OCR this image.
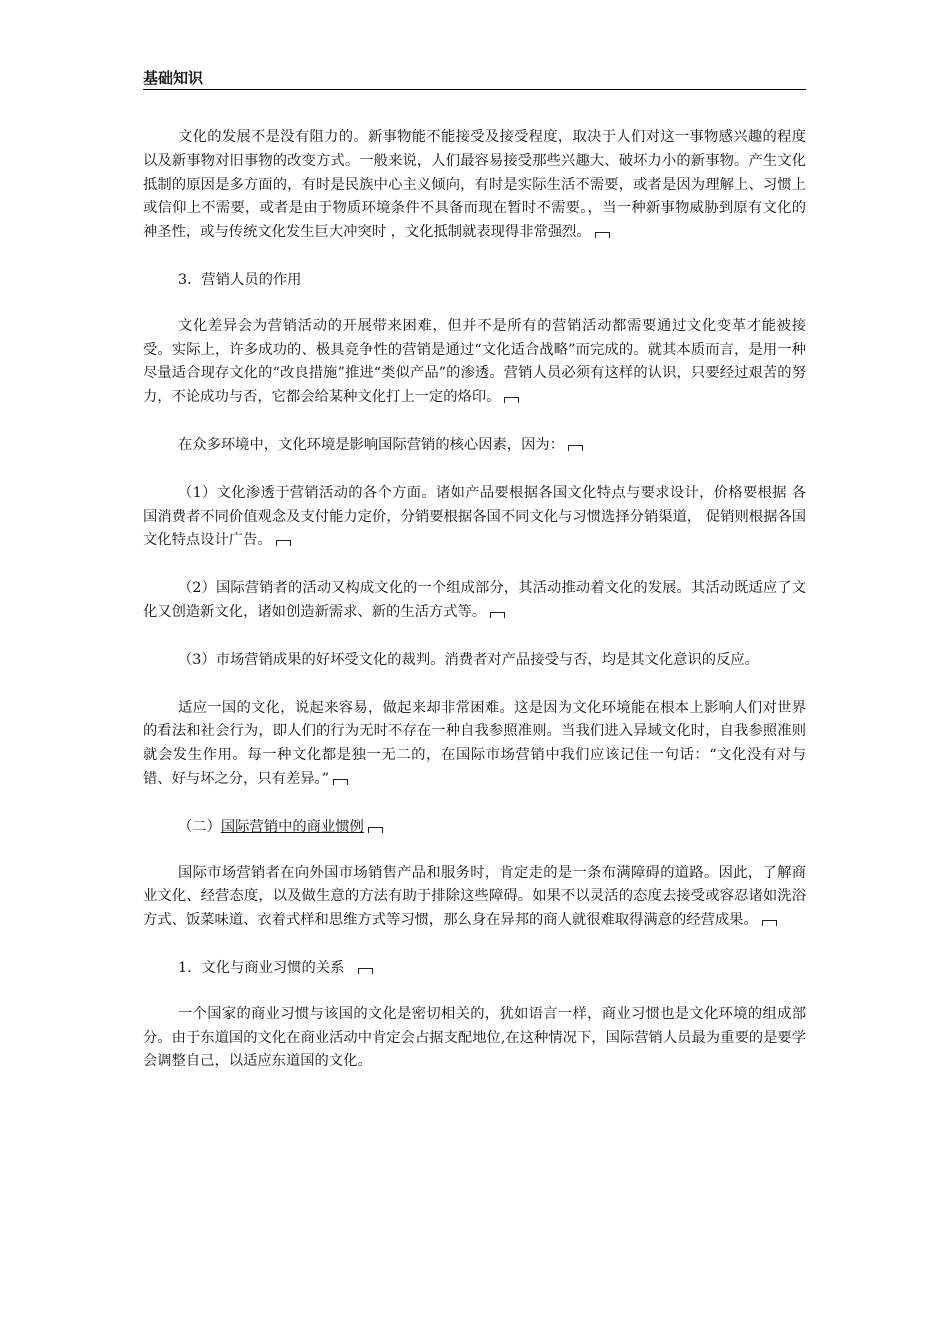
基础知识

文化的发展不是没有阻力的。新事物能不能接受及接受程度，取决于人们对这一事物感兴趣的程度以及新事物对旧事物的改变方式。一般来说，人们最容易接受那些兴趣大、破坏力小的新事物。产生文化抵制的原因是多方面的，有时是民族中心主义倾向，有时是实际生活不需要，或者是因为理解上、习惯上或信仰上不需要，或者是由于物质环境条件不具备而现在暂时不需要。，当一种新事物威胁到原有文化的神圣性，或与传统文化发生巨大冲突时 ，文化抵制就表现得非常强烈。

3．营销人员的作用

文化差异会为营销活动的开展带来困难，但并不是所有的营销活动都需要通过文化变革才能被接受。实际上，许多成功的、极具竞争性的营销是通过“文化适合战略”而完成的。就其本质而言，是用一种尽量适合现存文化的“改良措施”推进“类似产品”的渗透。营销人员必须有这样的认识，只要经过艰苦的努力，不论成功与否，它都会给某种文化打上一定的烙印。

在众多环境中，文化环境是影响国际营销的核心因素，因为：

（1）文化渗透于营销活动的各个方面。诸如产品要根据各国文化特点与要求设计，价格要根据 各国消费者不同价值观念及支付能力定价，分销要根据各国不同文化与习惯选择分销渠道， 促销则根据各国文化特点设计广告。

（2）国际营销者的活动又构成文化的一个组成部分，其活动推动着文化的发展。其活动既适应了文化又创造新文化，诸如创造新需求、新的生活方式等。

（3）市场营销成果的好坏受文化的裁判。消费者对产品接受与否，均是其文化意识的反应。

适应一国的文化，说起来容易，做起来却非常困难。这是因为文化环境能在根本上影响人们对世界的看法和社会行为，即人们的行为无时不存在一种自我参照准则。当我们进入异域文化时，自我参照准则就会发生作用。每一种文化都是独一无二的，在国际市场营销中我们应该记住一句话：“文化没有对与错、好与坏之分，只有差异。”

（二）国际营销中的商业惯例

国际市场营销者在向外国市场销售产品和服务时，肯定走的是一条布满障碍的道路。因此，了解商业文化、经营态度，以及做生意的方法有助于排除这些障碍。如果不以灵活的态度去接受或容忍诸如洗浴方式、饭菜味道、衣着式样和思维方式等习惯，那么身在异邦的商人就很难取得满意的经营成果。

1．文化与商业习惯的关系

一个国家的商业习惯与该国的文化是密切相关的，犹如语言一样，商业习惯也是文化环境的组成部分。由于东道国的文化在商业活动中肯定会占据支配地位,在这种情况下，国际营销人员最为重要的是要学会调整自己，以适应东道国的文化。
